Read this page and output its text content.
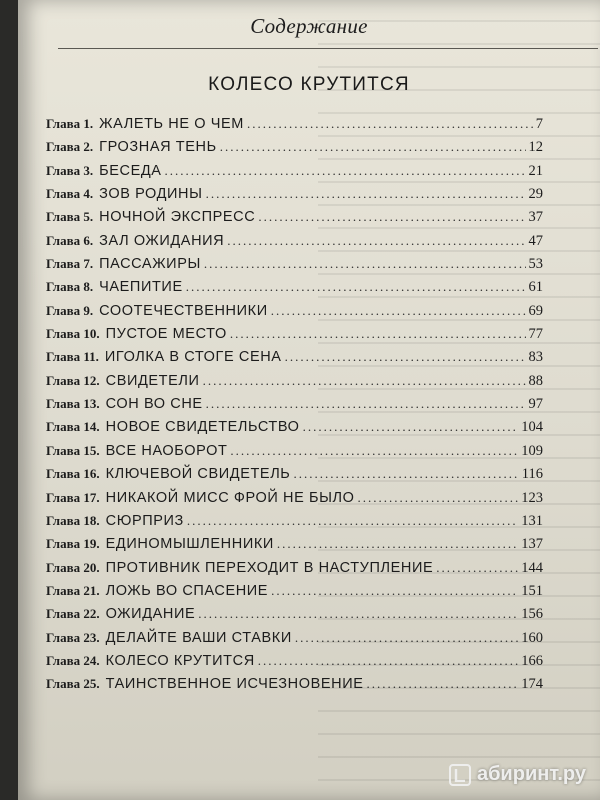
Содержание
КОЛЕСО КРУТИТСЯ
Глава 1. ЖАЛЕТЬ НЕ О ЧЕМ .....	7
Глава 2. ГРОЗНАЯ ТЕНЬ .....	12
Глава 3. БЕСЕДА .....	21
Глава 4. ЗОВ РОДИНЫ .....	29
Глава 5. НОЧНОЙ ЭКСПРЕСС .....	37
Глава 6. ЗАЛ ОЖИДАНИЯ .....	47
Глава 7. ПАССАЖИРЫ .....	53
Глава 8. ЧАЕПИТИЕ .....	61
Глава 9. СООТЕЧЕСТВЕННИКИ .....	69
Глава 10. ПУСТОЕ МЕСТО .....	77
Глава 11. ИГОЛКА В СТОГЕ СЕНА .....	83
Глава 12. СВИДЕТЕЛИ .....	88
Глава 13. СОН ВО СНЕ .....	97
Глава 14. НОВОЕ СВИДЕТЕЛЬСТВО .....	104
Глава 15. ВСЕ НАОБОРОТ .....	109
Глава 16. КЛЮЧЕВОЙ СВИДЕТЕЛЬ .....	116
Глава 17. НИКАКОЙ МИСС ФРОЙ НЕ БЫЛО .....	123
Глава 18. СЮРПРИЗ .....	131
Глава 19. ЕДИНОМЫШЛЕННИКИ .....	137
Глава 20. ПРОТИВНИК ПЕРЕХОДИТ В НАСТУПЛЕНИЕ .....	144
Глава 21. ЛОЖЬ ВО СПАСЕНИЕ .....	151
Глава 22. ОЖИДАНИЕ .....	156
Глава 23. ДЕЛАЙТЕ ВАШИ СТАВКИ .....	160
Глава 24. КОЛЕСО КРУТИТСЯ .....	166
Глава 25. ТАИНСТВЕННОЕ ИСЧЕЗНОВЕНИЕ .....	174
абиринт.ру
